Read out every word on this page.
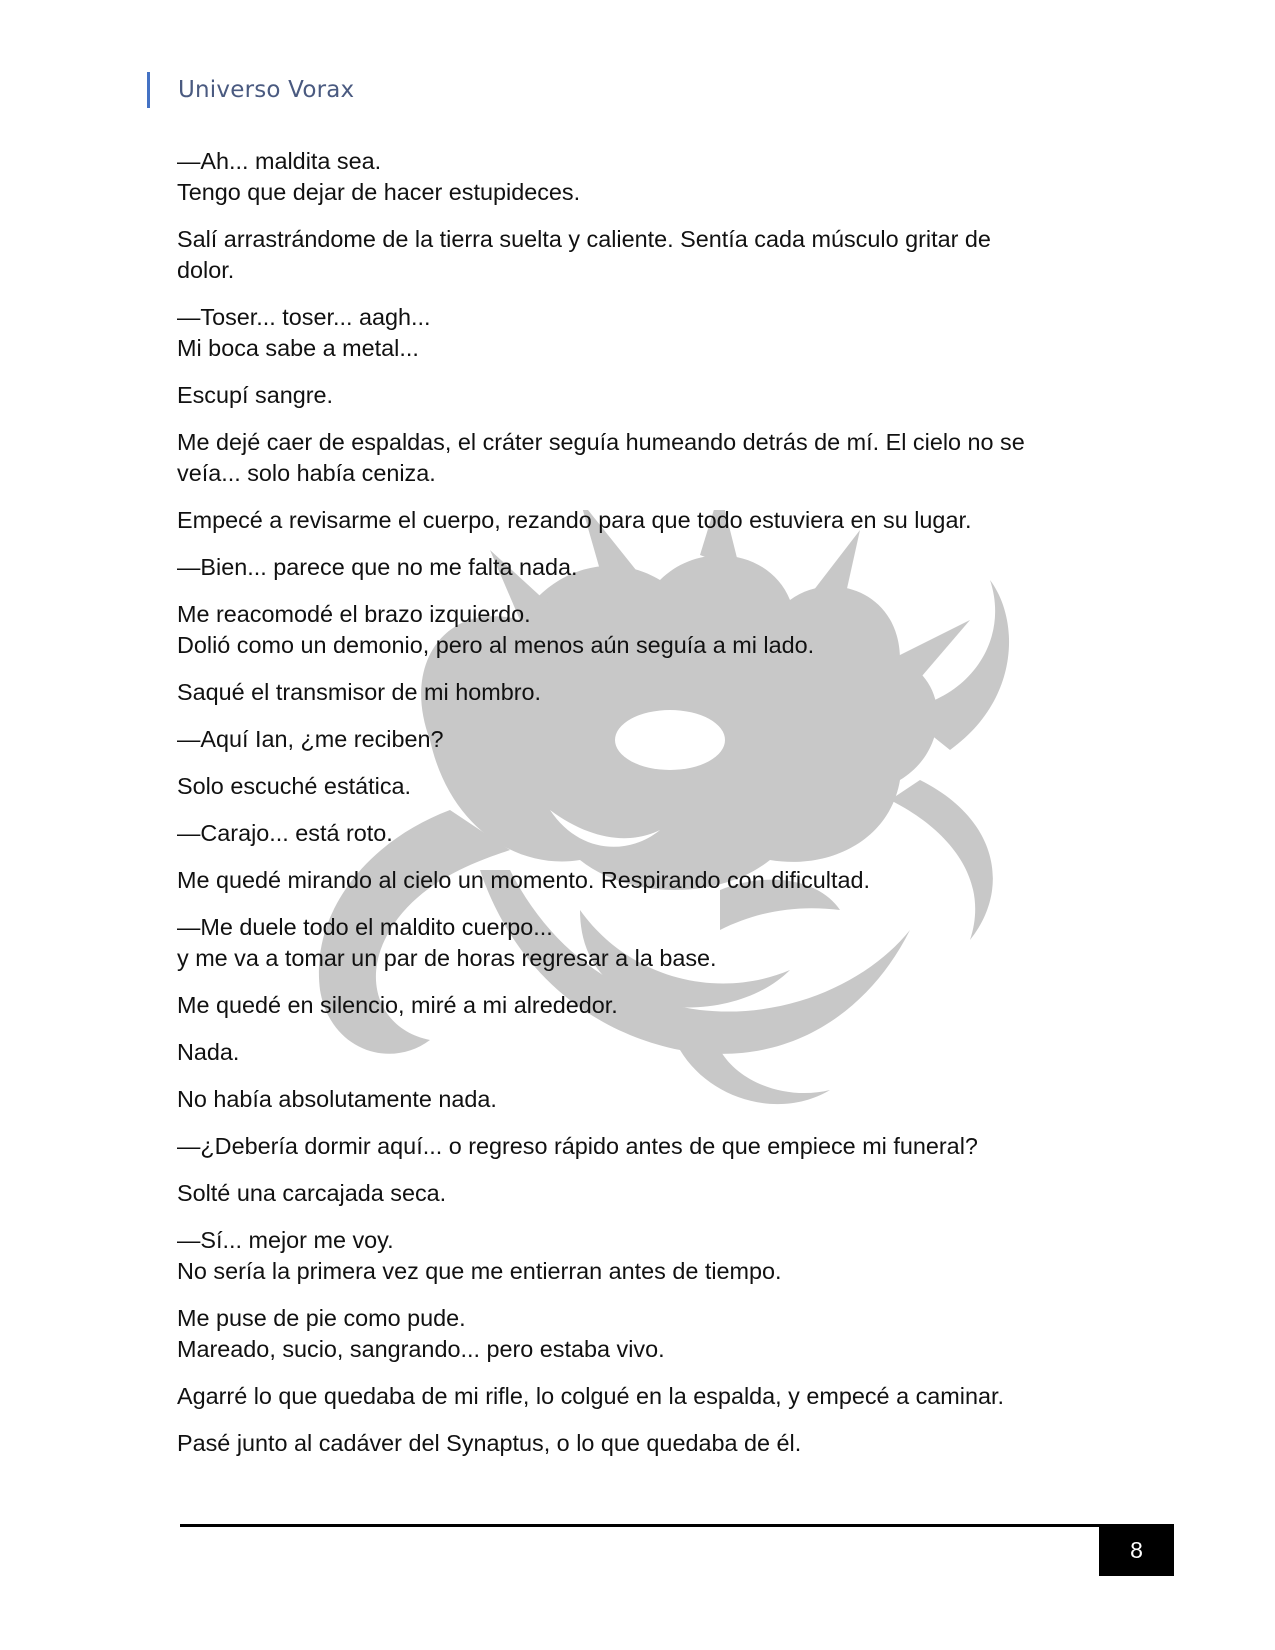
Universo Vorax

—Ah... maldita sea.
Tengo que dejar de hacer estupideces.

Salí arrastrándome de la tierra suelta y caliente. Sentía cada músculo gritar de
dolor.

—Toser... toser... aagh...
Mi boca sabe a metal...

Escupí sangre.

Me dejé caer de espaldas, el cráter seguía humeando detrás de mí. El cielo no se
veía... solo había ceniza.

Empecé a revisarme el cuerpo, rezando para que todo estuviera en su lugar.

—Bien... parece que no me falta nada.

Me reacomodé el brazo izquierdo.
Dolió como un demonio, pero al menos aún seguía a mi lado.

Saqué el transmisor de mi hombro.

—Aquí Ian, ¿me reciben?

Solo escuché estática.

—Carajo... está roto.

Me quedé mirando al cielo un momento. Respirando con dificultad.

—Me duele todo el maldito cuerpo...
y me va a tomar un par de horas regresar a la base.

Me quedé en silencio, miré a mi alrededor.

Nada.

No había absolutamente nada.

—¿Debería dormir aquí... o regreso rápido antes de que empiece mi funeral?

Solté una carcajada seca.

—Sí... mejor me voy.
No sería la primera vez que me entierran antes de tiempo.

Me puse de pie como pude.
Mareado, sucio, sangrando... pero estaba vivo.

Agarré lo que quedaba de mi rifle, lo colgué en la espalda, y empecé a caminar.

Pasé junto al cadáver del Synaptus, o lo que quedaba de él.

8
